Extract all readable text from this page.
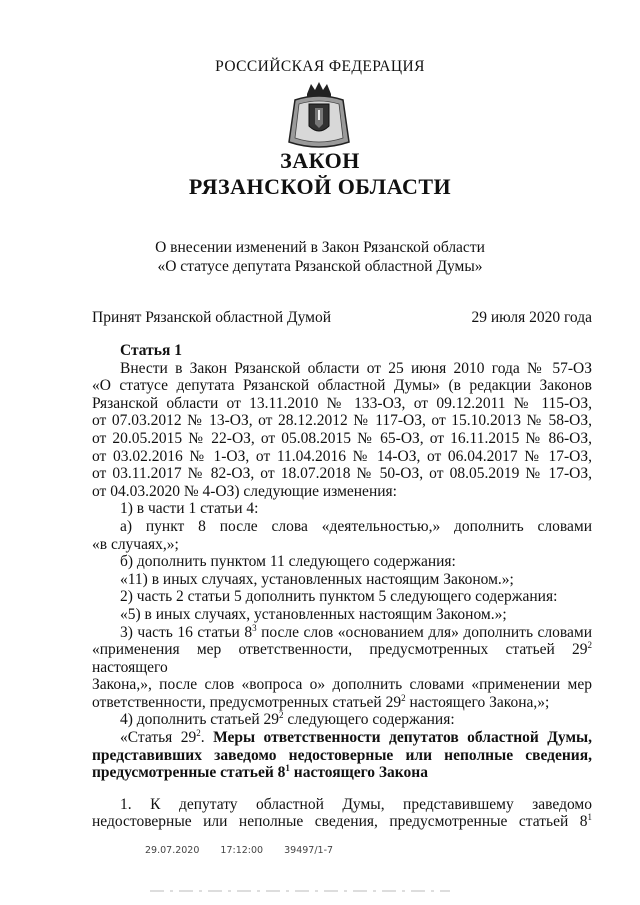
РОССИЙСКАЯ ФЕДЕРАЦИЯ
ЗАКОН
РЯЗАНСКОЙ ОБЛАСТИ
О внесении изменений в Закон Рязанской области
«О статусе депутата Рязанской областной Думы»
Принят Рязанской областной Думой	29 июля 2020 года

Статья 1

Внести в Закон Рязанской области от 25 июня 2010 года № 57-ОЗ

«О статусе депутата Рязанской областной Думы» (в редакции Законов

Рязанской области от 13.11.2010 № 133-ОЗ, от 09.12.2011 № 115-ОЗ,

от 07.03.2012 № 13-ОЗ, от 28.12.2012 № 117-ОЗ, от 15.10.2013 № 58-ОЗ,

от 20.05.2015 № 22-ОЗ, от 05.08.2015 № 65-ОЗ, от 16.11.2015 № 86-ОЗ,

от 03.02.2016 № 1-ОЗ, от 11.04.2016 № 14-ОЗ, от 06.04.2017 № 17-ОЗ,

от 03.11.2017 № 82-ОЗ, от 18.07.2018 № 50-ОЗ, от 08.05.2019 № 17-ОЗ,

от 04.03.2020 № 4-ОЗ) следующие изменения:

1) в части 1 статьи 4:

а) пункт 8 после слова «деятельностью,» дополнить словами

«в случаях,»;

б) дополнить пунктом 11 следующего содержания:

«11) в иных случаях, установленных настоящим Законом.»;

2) часть 2 статьи 5 дополнить пунктом 5 следующего содержания:

«5) в иных случаях, установленных настоящим Законом.»;

3) часть 16 статьи $8^3$ после слов «основанием для» дополнить словами

«применения мер ответственности, предусмотренных статьей $29^2$ настоящего

Закона,», после слов «вопроса о» дополнить словами «применении мер

ответственности, предусмотренных статьей $29^2$ настоящего Закона,»;

4) дополнить статьей $29^2$ следующего содержания:

«Статья $29^2$. Меры ответственности депутатов областной Думы,

представивших заведомо недостоверные или неполные сведения,

предусмотренные статьей $8^1$ настоящего Закона

1. К депутату областной Думы, представившему заведомо

недостоверные или неполные сведения, предусмотренные статьей $8^1$

29.07.2020 17:12:00 39497/1-7
